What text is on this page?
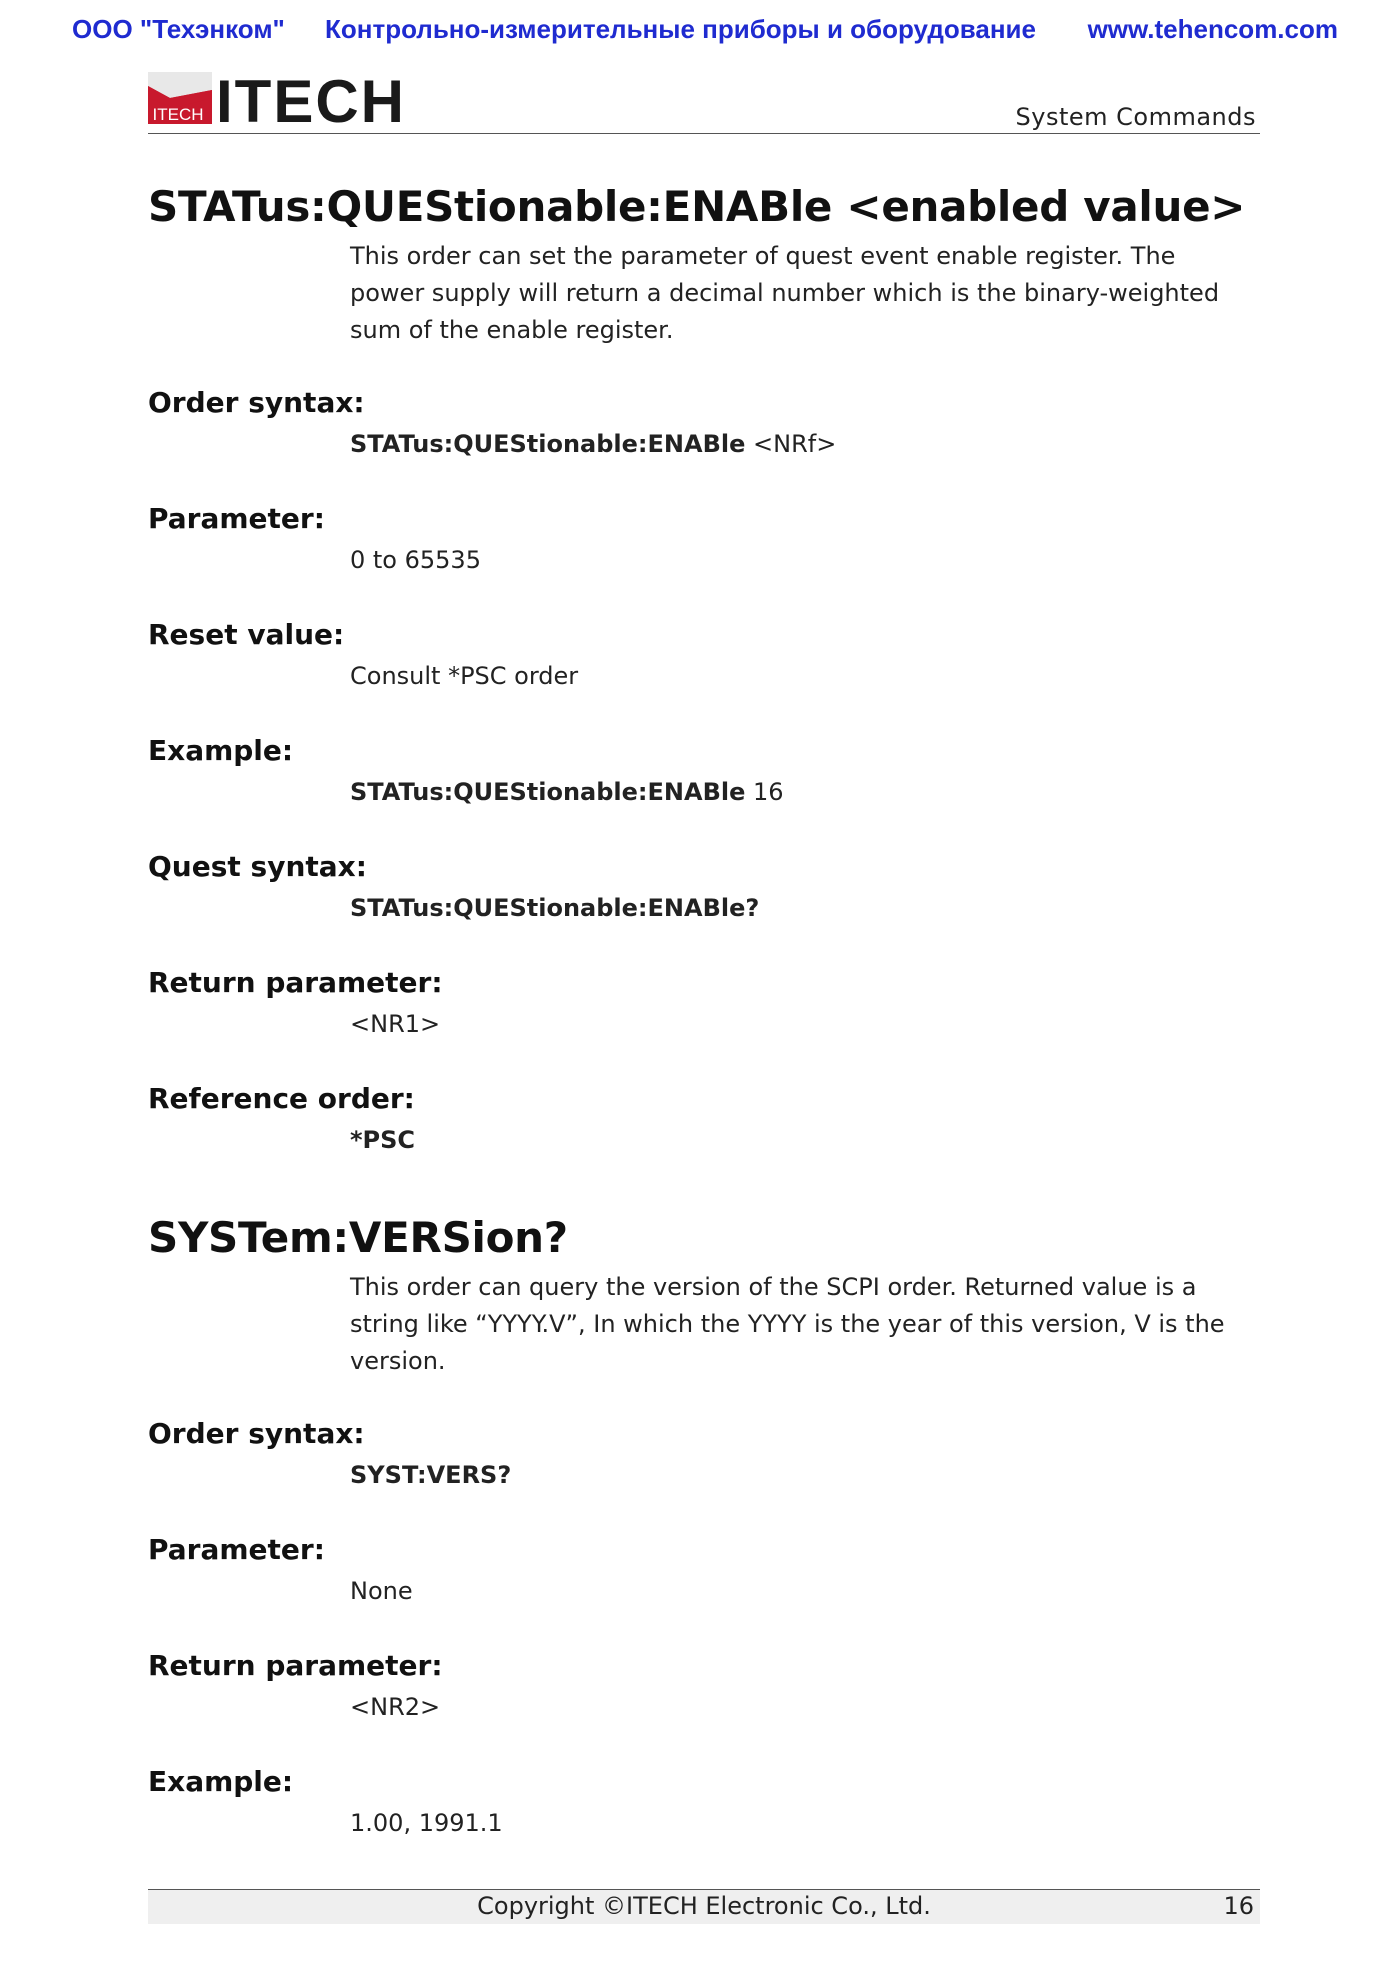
ООО "Техэнком" Контрольно-измерительные приборы и оборудование www.tehencom.com
ITECH ITECH	System Commands
STATus:QUEStionable:ENABle <enabled value>
This order can set the parameter of quest event enable register. The power supply will return a decimal number which is the binary-weighted sum of the enable register.
Order syntax:
STATus:QUEStionable:ENABle <NRf>
Parameter:
0 to 65535
Reset value:
Consult *PSC order
Example:
STATus:QUEStionable:ENABle 16
Quest syntax:
STATus:QUEStionable:ENABle?
Return parameter:
<NR1>
Reference order:
*PSC
SYSTem:VERSion?
This order can query the version of the SCPI order. Returned value is a string like “YYYY.V”, In which the YYYY is the year of this version, V is the version.
Order syntax:
SYST:VERS?
Parameter:
None
Return parameter:
<NR2>
Example:
1.00, 1991.1
Copyright ©ITECH Electronic Co., Ltd.	16
